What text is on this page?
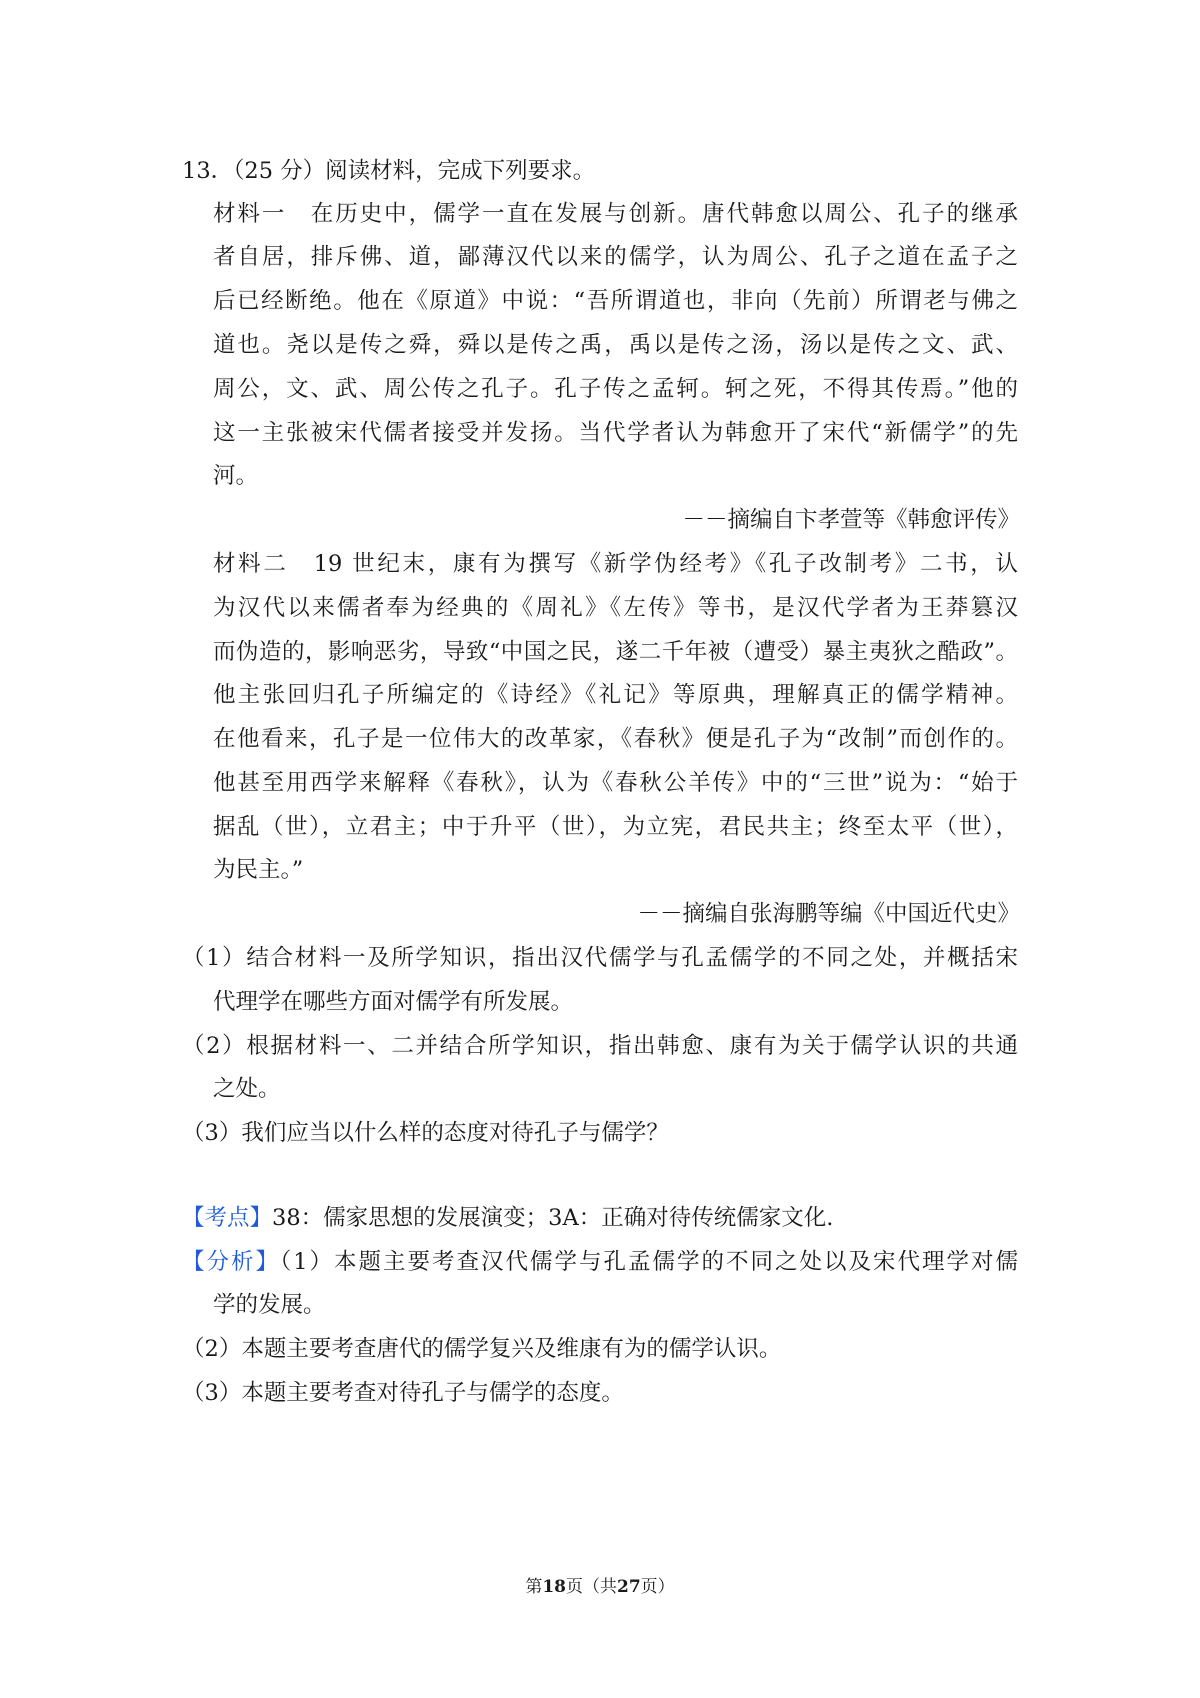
13．（25 分）阅读材料，完成下列要求。
材料一　在历史中，儒学一直在发展与创新。唐代韩愈以周公、孔子的继承
者自居，排斥佛、道，鄙薄汉代以来的儒学，认为周公、孔子之道在孟子之
后已经断绝。他在《原道》中说：“吾所谓道也，非向（先前）所谓老与佛之
道也。尧以是传之舜，舜以是传之禹，禹以是传之汤，汤以是传之文、武、
周公，文、武、周公传之孔子。孔子传之孟轲。轲之死，不得其传焉。”他的
这一主张被宋代儒者接受并发扬。当代学者认为韩愈开了宋代“新儒学”的先
河。
－－摘编自卞孝萱等《韩愈评传》
材料二　19 世纪末，康有为撰写《新学伪经考》《孔子改制考》二书，认
为汉代以来儒者奉为经典的《周礼》《左传》等书，是汉代学者为王莽篡汉
而伪造的，影响恶劣，导致“中国之民，遂二千年被（遭受）暴主夷狄之酷政”。
他主张回归孔子所编定的《诗经》《礼记》等原典，理解真正的儒学精神。
在他看来，孔子是一位伟大的改革家，《春秋》便是孔子为“改制”而创作的。
他甚至用西学来解释《春秋》，认为《春秋公羊传》中的“三世”说为：“始于
据乱（世），立君主；中于升平（世），为立宪，君民共主；终至太平（世），
为民主。”
－－摘编自张海鹏等编《中国近代史》
（1）结合材料一及所学知识，指出汉代儒学与孔孟儒学的不同之处，并概括宋
代理学在哪些方面对儒学有所发展。
（2）根据材料一、二并结合所学知识，指出韩愈、康有为关于儒学认识的共通
之处。
（3）我们应当以什么样的态度对待孔子与儒学？
【考点】38：儒家思想的发展演变；3A：正确对待传统儒家文化.
【分析】（1）本题主要考查汉代儒学与孔孟儒学的不同之处以及宋代理学对儒
学的发展。
（2）本题主要考查唐代的儒学复兴及维康有为的儒学认识。
（3）本题主要考查对待孔子与儒学的态度。
第18页（共27页）
